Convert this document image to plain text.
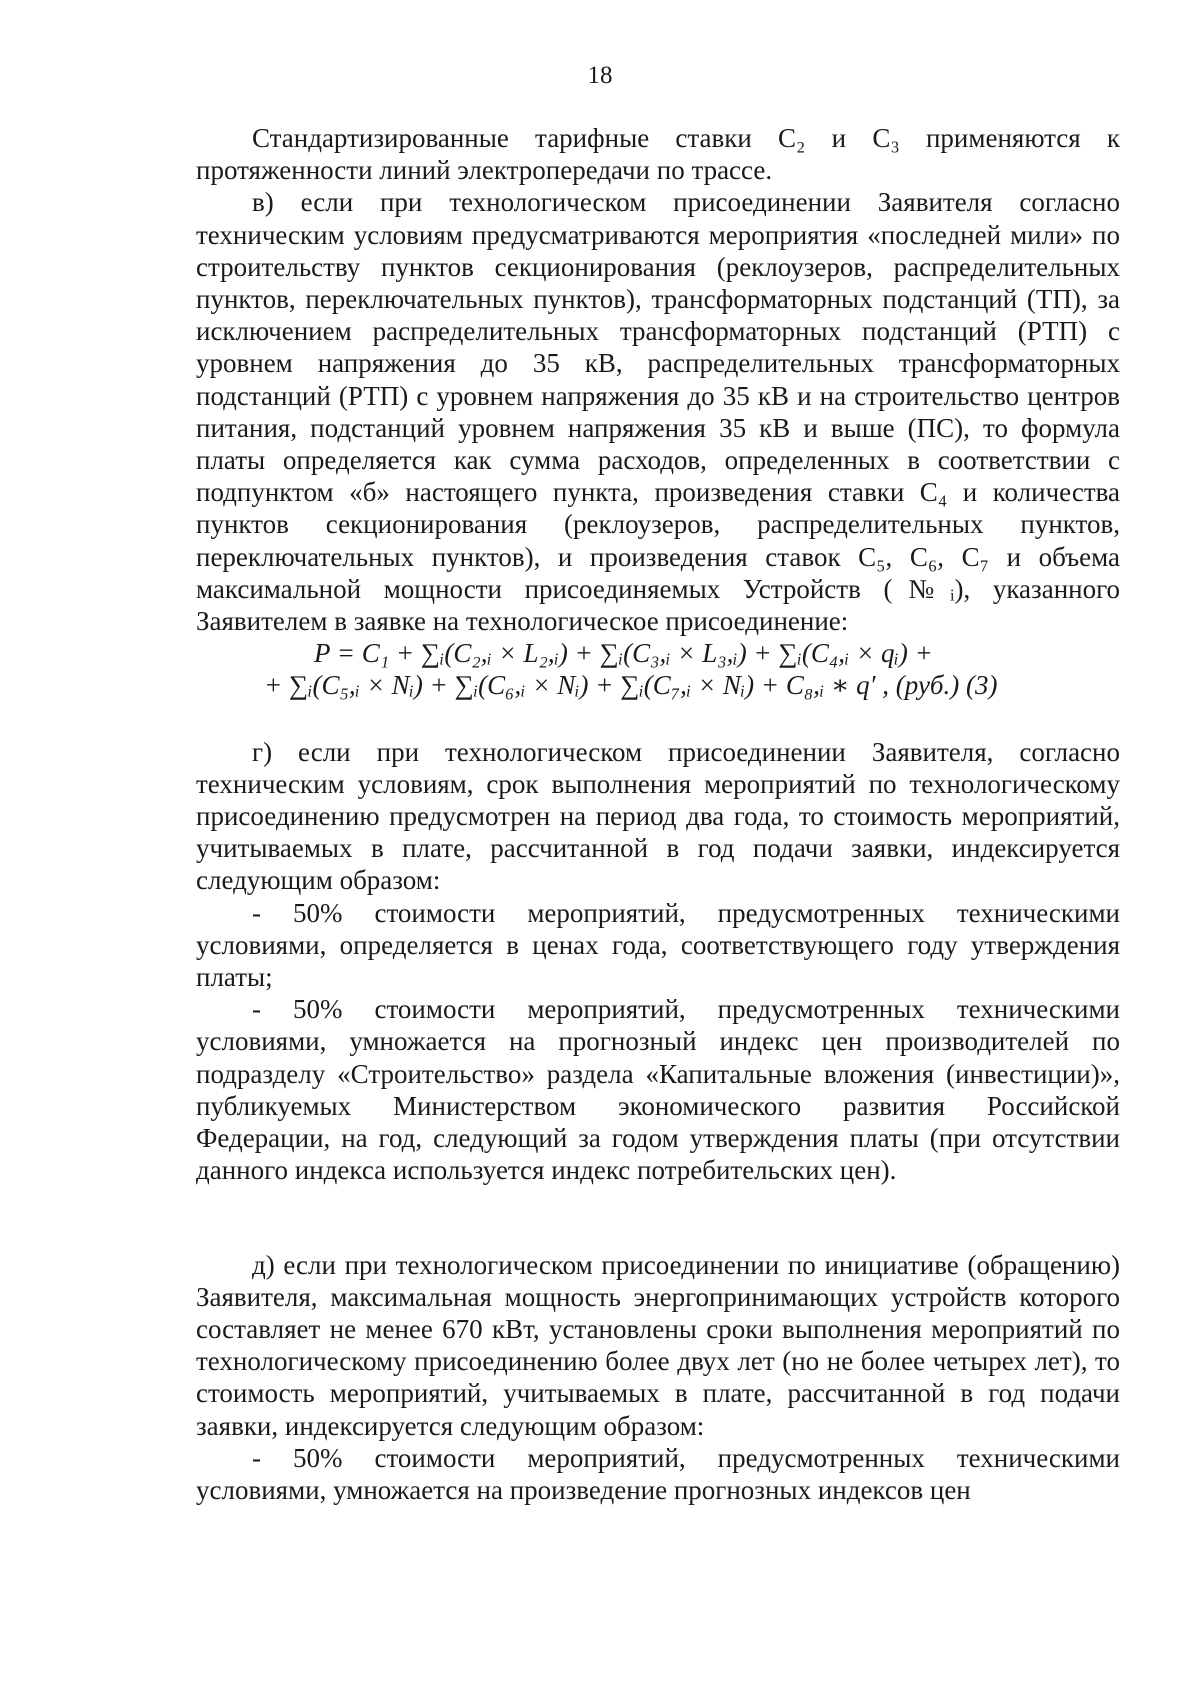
18

Стандартизированные тарифные ставки С₂ и С₃ применяются к протяженности линий электропередачи по трассе.

в) если при технологическом присоединении Заявителя согласно техническим условиям предусматриваются мероприятия «последней мили» по строительству пунктов секционирования (реклоузеров, распределительных пунктов, переключательных пунктов), трансформаторных подстанций (ТП), за исключением распределительных трансформаторных подстанций (РТП) с уровнем напряжения до 35 кВ, распределительных трансформаторных подстанций (РТП) с уровнем напряжения до 35 кВ и на строительство центров питания, подстанций уровнем напряжения 35 кВ и выше (ПС), то формула платы определяется как сумма расходов, определенных в соответствии с подпунктом «б» настоящего пункта, произведения ставки С₄ и количества пунктов секционирования (реклоузеров, распределительных пунктов, переключательных пунктов), и произведения ставок С₅, С₆, С₇ и объема максимальной мощности присоединяемых Устройств (№ᵢ), указанного Заявителем в заявке на технологическое присоединение:

P = C₁ + ∑ᵢ(C₂,ᵢ × L₂,ᵢ) + ∑ᵢ(C₃,ᵢ × L₃,ᵢ) + ∑ᵢ(C₄,ᵢ × qᵢ) +

+ ∑ᵢ(C₅,ᵢ × Nᵢ) + ∑ᵢ(C₆,ᵢ × Nᵢ) + ∑ᵢ(C₇,ᵢ × Nᵢ) + C₈,ᵢ ∗ q′ , (руб.) (3)

г) если при технологическом присоединении Заявителя, согласно техническим условиям, срок выполнения мероприятий по технологическому присоединению предусмотрен на период два года, то стоимость мероприятий, учитываемых в плате, рассчитанной в год подачи заявки, индексируется следующим образом:

- 50% стоимости мероприятий, предусмотренных техническими условиями, определяется в ценах года, соответствующего году утверждения платы;

- 50% стоимости мероприятий, предусмотренных техническими условиями, умножается на прогнозный индекс цен производителей по подразделу «Строительство» раздела «Капитальные вложения (инвестиции)», публикуемых Министерством экономического развития Российской Федерации, на год, следующий за годом утверждения платы (при отсутствии данного индекса используется индекс потребительских цен).

д) если при технологическом присоединении по инициативе (обращению) Заявителя, максимальная мощность энергопринимающих устройств которого составляет не менее 670 кВт, установлены сроки выполнения мероприятий по технологическому присоединению более двух лет (но не более четырех лет), то стоимость мероприятий, учитываемых в плате, рассчитанной в год подачи заявки, индексируется следующим образом:

- 50% стоимости мероприятий, предусмотренных техническими условиями, умножается на произведение прогнозных индексов цен
